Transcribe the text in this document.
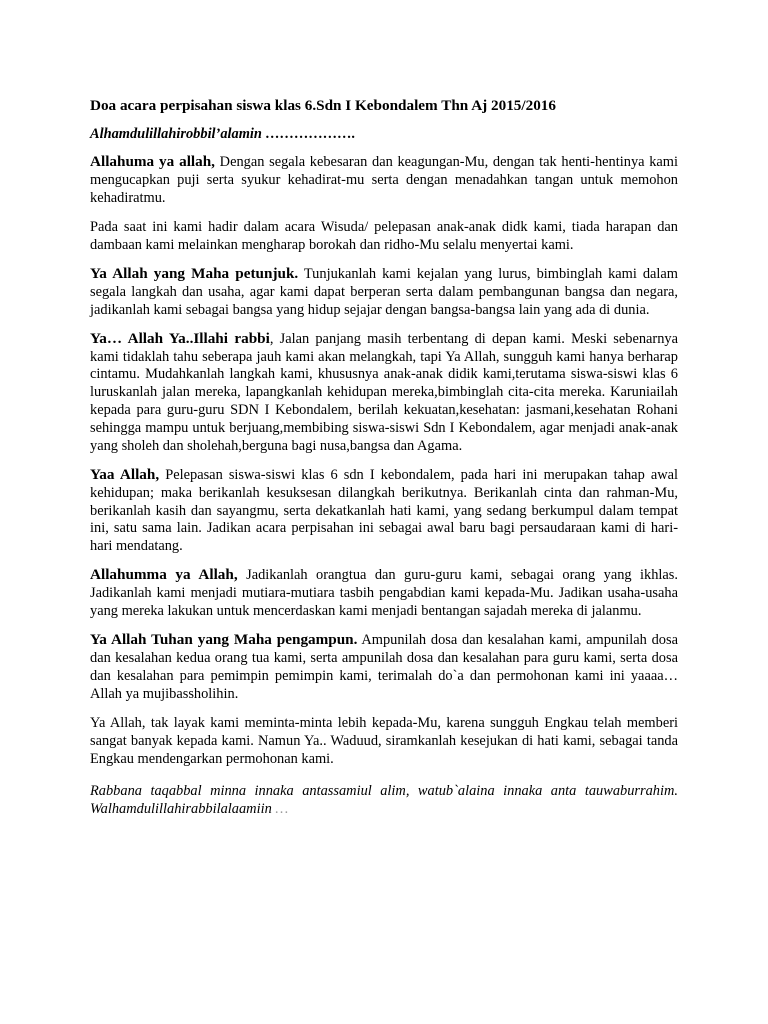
Doa acara perpisahan siswa klas 6.Sdn I Kebondalem Thn Aj 2015/2016
Alhamdulillahirobbil’alamin ……………….

Allahuma ya allah, Dengan segala kebesaran dan keagungan-Mu, dengan tak henti-hentinya kami mengucapkan puji serta syukur kehadirat-mu serta dengan menadahkan tangan untuk memohon kehadiratmu.

Pada saat ini kami hadir dalam acara Wisuda/ pelepasan anak-anak didk kami, tiada harapan dan dambaan kami melainkan mengharap borokah dan ridho-Mu selalu menyertai kami.

Ya Allah yang Maha petunjuk. Tunjukanlah kami kejalan yang lurus, bimbinglah kami dalam segala langkah dan usaha, agar kami dapat berperan serta dalam pembangunan bangsa dan negara, jadikanlah kami sebagai bangsa yang hidup sejajar dengan bangsa-bangsa lain yang ada di dunia.

Ya… Allah Ya..Illahi rabbi, Jalan panjang masih terbentang di depan kami. Meski sebenarnya kami tidaklah tahu seberapa jauh kami akan melangkah, tapi Ya Allah, sungguh kami hanya berharap cintamu. Mudahkanlah langkah kami, khususnya anak-anak didik kami,terutama siswa-siswi klas 6 luruskanlah jalan mereka, lapangkanlah kehidupan mereka,bimbinglah cita-cita mereka. Karuniailah kepada para guru-guru SDN I Kebondalem, berilah kekuatan,kesehatan: jasmani,kesehatan Rohani sehingga mampu untuk berjuang,membibing siswa-siswi Sdn I Kebondalem, agar menjadi anak-anak yang sholeh dan sholehah,berguna bagi nusa,bangsa dan Agama.

Yaa Allah, Pelepasan siswa-siswi klas 6 sdn I kebondalem, pada hari ini merupakan tahap awal kehidupan; maka berikanlah kesuksesan dilangkah berikutnya. Berikanlah cinta dan rahman-Mu, berikanlah kasih dan sayangmu, serta dekatkanlah hati kami, yang sedang berkumpul dalam tempat ini, satu sama lain. Jadikan acara perpisahan ini sebagai awal baru bagi persaudaraan kami di hari-hari mendatang.

Allahumma ya Allah, Jadikanlah orangtua dan guru-guru kami, sebagai orang yang ikhlas. Jadikanlah kami menjadi mutiara-mutiara tasbih pengabdian kami kepada-Mu. Jadikan usaha-usaha yang mereka lakukan untuk mencerdaskan kami menjadi bentangan sajadah mereka di jalanmu.

Ya Allah Tuhan yang Maha pengampun. Ampunilah dosa dan kesalahan kami, ampunilah dosa dan kesalahan kedua orang tua kami, serta ampunilah dosa dan kesalahan para guru kami, serta dosa dan kesalahan para pemimpin pemimpin kami, terimalah do`a dan permohonan kami ini yaaaa… Allah ya mujibassholihin.

Ya Allah, tak layak kami meminta-minta lebih kepada-Mu, karena sungguh Engkau telah memberi sangat banyak kepada kami. Namun Ya.. Waduud, siramkanlah kesejukan di hati kami, sebagai tanda Engkau mendengarkan permohonan kami.

Rabbana taqabbal minna innaka antassamiul alim, watub`alaina innaka anta tauwaburrahim. Walhamdulillahirabbilalaamiin …
